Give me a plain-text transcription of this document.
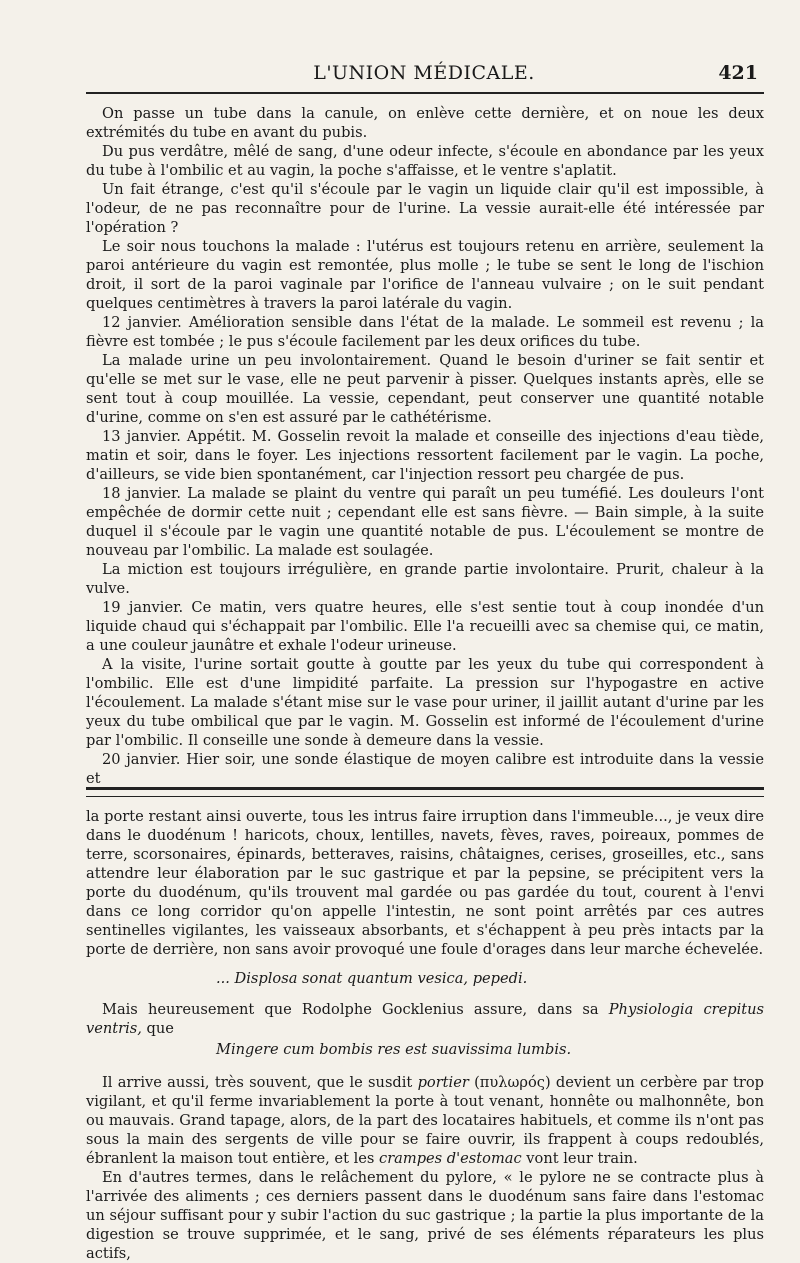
L'UNION MÉDICALE.	421

On passe un tube dans la canule, on enlève cette dernière, et on noue les deux extrémités du tube en avant du pubis.

Du pus verdâtre, mêlé de sang, d'une odeur infecte, s'écoule en abondance par les yeux du tube à l'ombilic et au vagin, la poche s'affaisse, et le ventre s'aplatit.

Un fait étrange, c'est qu'il s'écoule par le vagin un liquide clair qu'il est impossible, à l'odeur, de ne pas reconnaître pour de l'urine. La vessie aurait-elle été intéressée par l'opération ?

Le soir nous touchons la malade : l'utérus est toujours retenu en arrière, seulement la paroi antérieure du vagin est remontée, plus molle ; le tube se sent le long de l'ischion droit, il sort de la paroi vaginale par l'orifice de l'anneau vulvaire ; on le suit pendant quelques centimètres à travers la paroi latérale du vagin.

12 janvier. Amélioration sensible dans l'état de la malade. Le sommeil est revenu ; la fièvre est tombée ; le pus s'écoule facilement par les deux orifices du tube.

La malade urine un peu involontairement. Quand le besoin d'uriner se fait sentir et qu'elle se met sur le vase, elle ne peut parvenir à pisser. Quelques instants après, elle se sent tout à coup mouillée. La vessie, cependant, peut conserver une quantité notable d'urine, comme on s'en est assuré par le cathétérisme.

13 janvier. Appétit. M. Gosselin revoit la malade et conseille des injections d'eau tiède, matin et soir, dans le foyer. Les injections ressortent facilement par le vagin. La poche, d'ailleurs, se vide bien spontanément, car l'injection ressort peu chargée de pus.

18 janvier. La malade se plaint du ventre qui paraît un peu tuméfié. Les douleurs l'ont empêchée de dormir cette nuit ; cependant elle est sans fièvre. — Bain simple, à la suite duquel il s'écoule par le vagin une quantité notable de pus. L'écoulement se montre de nouveau par l'ombilic. La malade est soulagée.

La miction est toujours irrégulière, en grande partie involontaire. Prurit, chaleur à la vulve.

19 janvier. Ce matin, vers quatre heures, elle s'est sentie tout à coup inondée d'un liquide chaud qui s'échappait par l'ombilic. Elle l'a recueilli avec sa chemise qui, ce matin, a une couleur jaunâtre et exhale l'odeur urineuse.

A la visite, l'urine sortait goutte à goutte par les yeux du tube qui correspondent à l'ombilic. Elle est d'une limpidité parfaite. La pression sur l'hypogastre en active l'écoulement. La malade s'étant mise sur le vase pour uriner, il jaillit autant d'urine par les yeux du tube ombilical que par le vagin. M. Gosselin est informé de l'écoulement d'urine par l'ombilic. Il conseille une sonde à demeure dans la vessie.

20 janvier. Hier soir, une sonde élastique de moyen calibre est introduite dans la vessie et

la porte restant ainsi ouverte, tous les intrus faire irruption dans l'immeuble..., je veux dire dans le duodénum ! haricots, choux, lentilles, navets, fèves, raves, poireaux, pommes de terre, scorsonaires, épinards, betteraves, raisins, châtaignes, cerises, groseilles, etc., sans attendre leur élaboration par le suc gastrique et par la pepsine, se précipitent vers la porte du duodénum, qu'ils trouvent mal gardée ou pas gardée du tout, courent à l'envi dans ce long corridor qu'on appelle l'intestin, ne sont point arrêtés par ces autres sentinelles vigilantes, les vaisseaux absorbants, et s'échappent à peu près intacts par la porte de derrière, non sans avoir provoqué une foule d'orages dans leur marche échevelée.

... Displosa sonat quantum vesica, pepedi.

Mais heureusement que Rodolphe Gocklenius assure, dans sa Physiologia crepitus ventris, que

Mingere cum bombis res est suavissima lumbis.

Il arrive aussi, très souvent, que le susdit portier (πυλωρός) devient un cerbère par trop vigilant, et qu'il ferme invariablement la porte à tout venant, honnête ou malhonnête, bon ou mauvais. Grand tapage, alors, de la part des locataires habituels, et comme ils n'ont pas sous la main des sergents de ville pour se faire ouvrir, ils frappent à coups redoublés, ébranlent la maison tout entière, et les crampes d'estomac vont leur train.

En d'autres termes, dans le relâchement du pylore, « le pylore ne se contracte plus à l'arrivée des aliments ; ces derniers passent dans le duodénum sans faire dans l'estomac un séjour suffisant pour y subir l'action du suc gastrique ; la partie la plus importante de la digestion se trouve supprimée, et le sang, privé de ses éléments réparateurs les plus actifs,
